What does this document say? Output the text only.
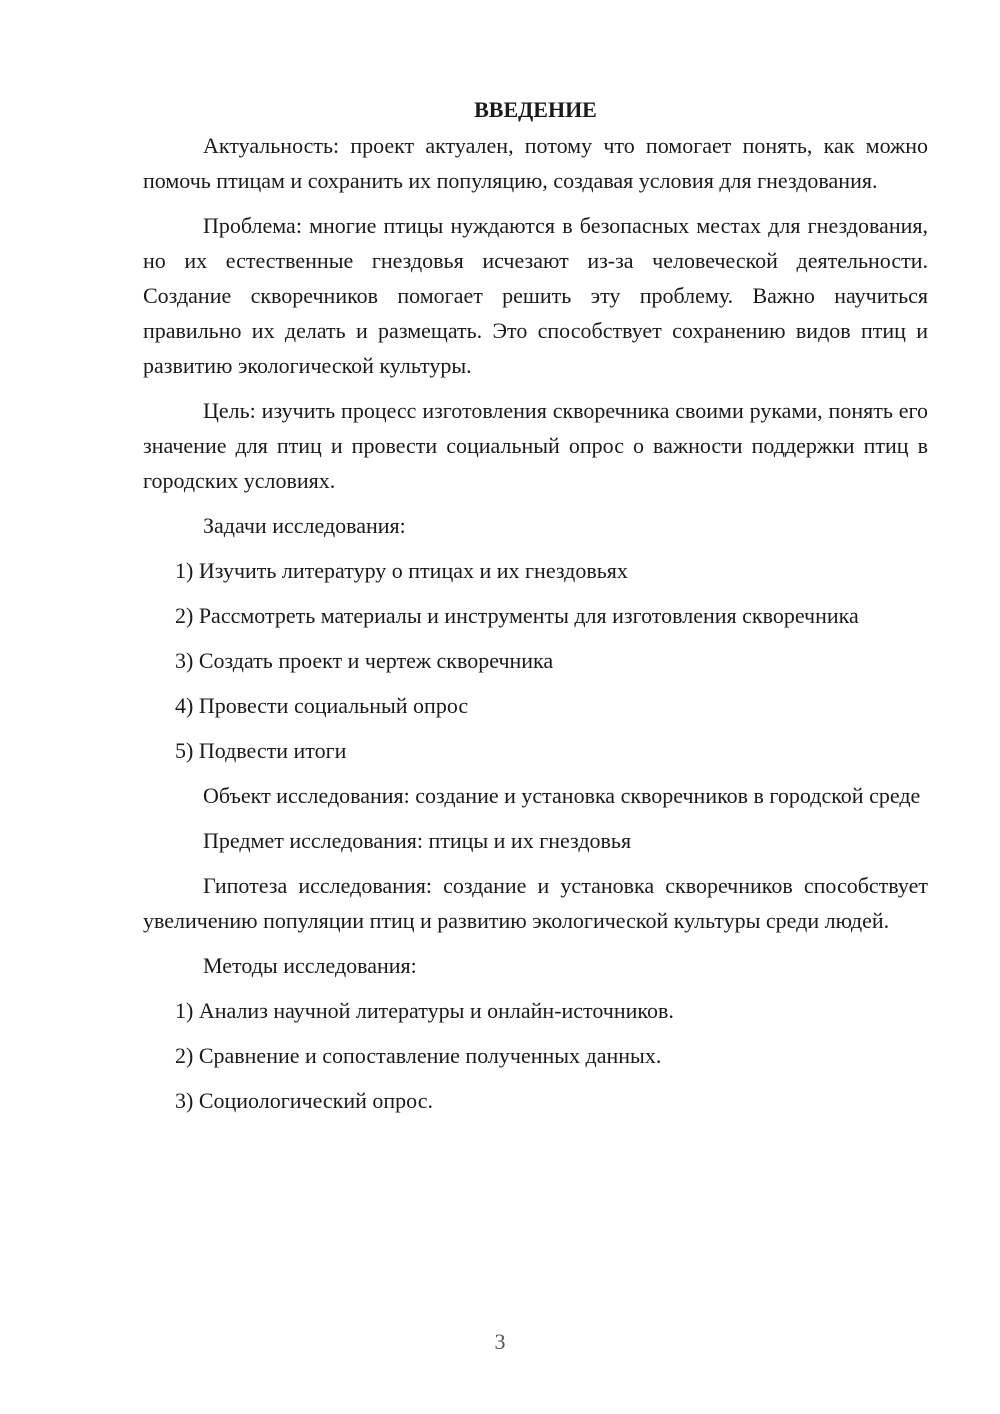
ВВЕДЕНИЕ

Актуальность: проект актуален, потому что помогает понять, как можно помочь птицам и сохранить их популяцию, создавая условия для гнездования.

Проблема: многие птицы нуждаются в безопасных местах для гнездования, но их естественные гнездовья исчезают из-за человеческой деятельности. Создание скворечников помогает решить эту проблему. Важно научиться правильно их делать и размещать. Это способствует сохранению видов птиц и развитию экологической культуры.

Цель: изучить процесс изготовления скворечника своими руками, понять его значение для птиц и провести социальный опрос о важности поддержки птиц в городских условиях.

Задачи исследования:

1) Изучить литературу о птицах и их гнездовьях

2) Рассмотреть материалы и инструменты для изготовления скворечника

3) Создать проект и чертеж скворечника

4) Провести социальный опрос

5) Подвести итоги

Объект исследования: создание и установка скворечников в городской среде

Предмет исследования: птицы и их гнездовья

Гипотеза исследования: создание и установка скворечников способствует увеличению популяции птиц и развитию экологической культуры среди людей.

Методы исследования:

1) Анализ научной литературы и онлайн-источников.

2) Сравнение и сопоставление полученных данных.

3) Социологический опрос.

3
